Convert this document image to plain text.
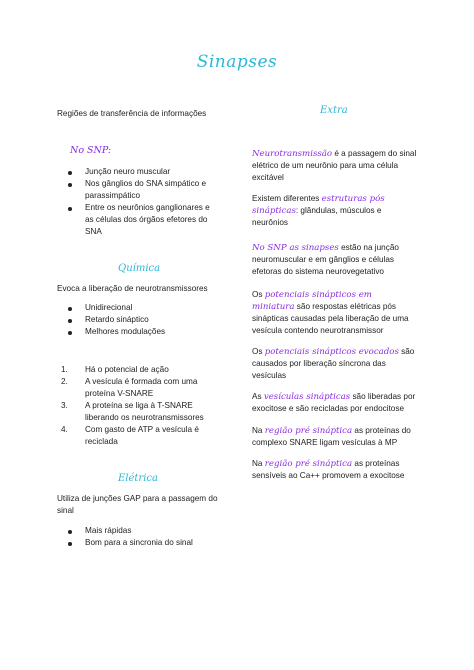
Sinapses
Regiões de transferência de informações
No SNP:
Junção neuro muscular
Nos gânglios do SNA simpático e parassimpático
Entre os neurônios ganglionares e as células dos órgãos efetores do SNA
Química
Evoca a liberação de neurotransmissores
Unidirecional
Retardo sináptico
Melhores modulações
1. Há o potencial de ação
2. A vesícula é formada com uma proteína V-SNARE
3. A proteína se liga à T-SNARE liberando os neurotransmissores
4. Com gasto de ATP a vesícula é reciclada
Elétrica
Utiliza de junções GAP para a passagem do sinal
Mais rápidas
Bom para a sincronia do sinal
Extra

Neurotransmissão é a passagem do sinal elétrico de um neurônio para uma célula excitável

Existem diferentes estruturas pós sinápticas: glândulas, músculos e neurônios

No SNP as sinapses estão na junção neuromuscular e em gânglios e células efetoras do sistema neurovegetativo

Os potenciais sinápticos em miniatura são respostas elétricas pós sinápticas causadas pela liberação de uma vesícula contendo neurotransmissor

Os potenciais sinápticos evocados são causados por liberação síncrona das vesículas

As vesículas sinápticas são liberadas por exocitose e são recicladas por endocitose

Na região pré sináptica as proteínas do complexo SNARE ligam vesículas à MP

Na região pré sináptica as proteínas sensíveis ao Ca++ promovem a exocitose
